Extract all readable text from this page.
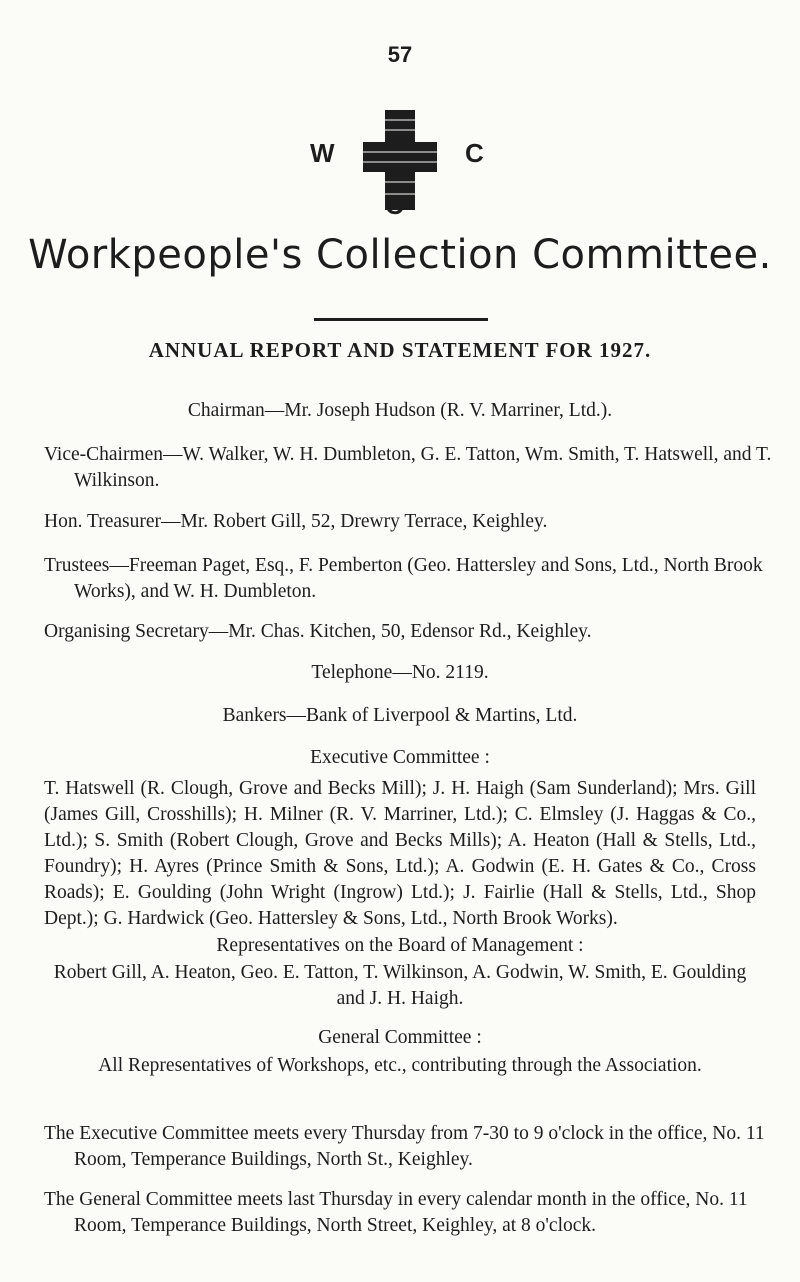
57
W	C
C
Workpeople's Collection Committee.
ANNUAL REPORT AND STATEMENT FOR 1927.
Chairman—Mr. Joseph Hudson (R. V. Marriner, Ltd.).
Vice-Chairmen—W. Walker, W. H. Dumbleton, G. E. Tatton, Wm. Smith, T. Hatswell, and T. Wilkinson.
Hon. Treasurer—Mr. Robert Gill, 52, Drewry Terrace, Keighley.
Trustees—Freeman Paget, Esq., F. Pemberton (Geo. Hattersley and Sons, Ltd., North Brook Works), and W. H. Dumbleton.
Organising Secretary—Mr. Chas. Kitchen, 50, Edensor Rd., Keighley.
Telephone—No. 2119.
Bankers—Bank of Liverpool & Martins, Ltd.
Executive Committee :
T. Hatswell (R. Clough, Grove and Becks Mill); J. H. Haigh (Sam Sunderland); Mrs. Gill (James Gill, Crosshills); H. Milner (R. V. Marriner, Ltd.); C. Elmsley (J. Haggas & Co., Ltd.); S. Smith (Robert Clough, Grove and Becks Mills); A. Heaton (Hall & Stells, Ltd., Foundry); H. Ayres (Prince Smith & Sons, Ltd.); A. Godwin (E. H. Gates & Co., Cross Roads); E. Goulding (John Wright (Ingrow) Ltd.); J. Fairlie (Hall & Stells, Ltd., Shop Dept.); G. Hardwick (Geo. Hattersley & Sons, Ltd., North Brook Works).
Representatives on the Board of Management :
Robert Gill, A. Heaton, Geo. E. Tatton, T. Wilkinson, A. Godwin, W. Smith, E. Goulding and J. H. Haigh.
General Committee :
All Representatives of Workshops, etc., contributing through the Association.
The Executive Committee meets every Thursday from 7-30 to 9 o'clock in the office, No. 11 Room, Temperance Buildings, North St., Keighley.
The General Committee meets last Thursday in every calendar month in the office, No. 11 Room, Temperance Buildings, North Street, Keighley, at 8 o'clock.
